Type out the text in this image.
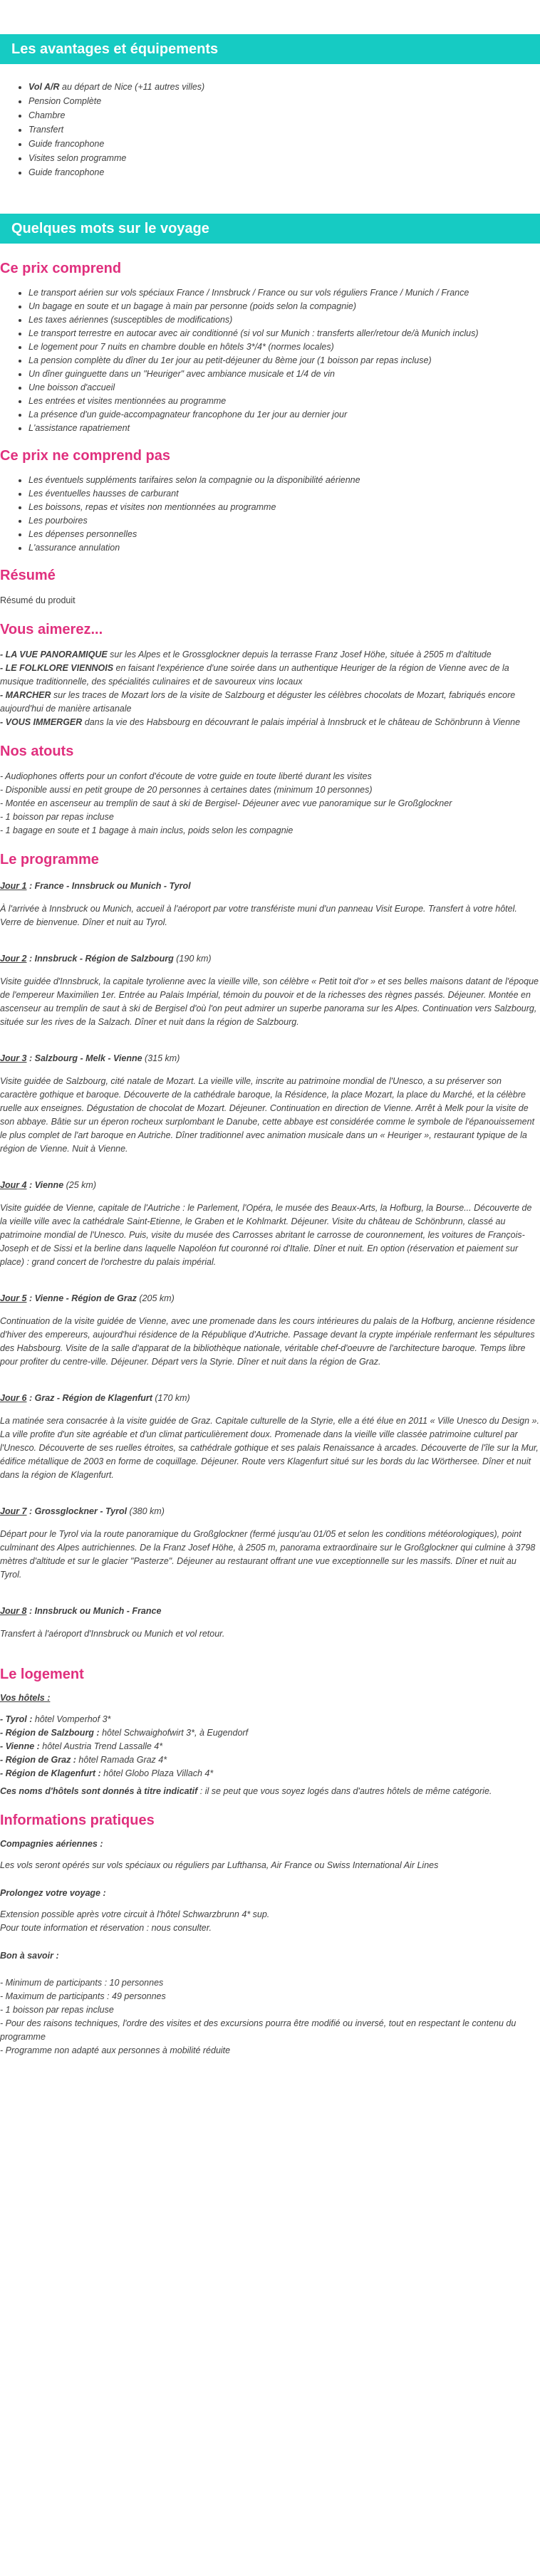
Les avantages et équipements
• Vol A/R au départ de Nice (+11 autres villes)
• Pension Complète
• Chambre
• Transfert
• Guide francophone
• Visites selon programme
• Guide francophone
Quelques mots sur le voyage
Ce prix comprend
• Le transport aérien sur vols spéciaux France / Innsbruck / France ou sur vols réguliers France / Munich / France
• Un bagage en soute et un bagage à main par personne (poids selon la compagnie)
• Les taxes aériennes (susceptibles de modifications)
• Le transport terrestre en autocar avec air conditionné (si vol sur Munich : transferts aller/retour de/à Munich inclus)
• Le logement pour 7 nuits en chambre double en hôtels 3*/4* (normes locales)
• La pension complète du dîner du 1er jour au petit-déjeuner du 8ème jour (1 boisson par repas incluse)
• Un dîner guinguette dans un "Heuriger" avec ambiance musicale et 1/4 de vin
• Une boisson d'accueil
• Les entrées et visites mentionnées au programme
• La présence d'un guide-accompagnateur francophone du 1er jour au dernier jour
• L'assistance rapatriement
Ce prix ne comprend pas
• Les éventuels suppléments tarifaires selon la compagnie ou la disponibilité aérienne
• Les éventuelles hausses de carburant
• Les boissons, repas et visites non mentionnées au programme
• Les pourboires
• Les dépenses personnelles
• L'assurance annulation
Résumé

Résumé du produit

Vous aimerez...
- LA VUE PANORAMIQUE sur les Alpes et le Grossglockner depuis la terrasse Franz Josef Höhe, située à 2505 m d'altitude
- LE FOLKLORE VIENNOIS en faisant l'expérience d'une soirée dans un authentique Heuriger de la région de Vienne avec de la musique traditionnelle, des spécialités culinaires et de savoureux vins locaux
- MARCHER sur les traces de Mozart lors de la visite de Salzbourg et déguster les célèbres chocolats de Mozart, fabriqués encore aujourd'hui de manière artisanale
- VOUS IMMERGER dans la vie des Habsbourg en découvrant le palais impérial à Innsbruck et le château de Schönbrunn à Vienne
Nos atouts
- Audiophones offerts pour un confort d'écoute de votre guide en toute liberté durant les visites
- Disponible aussi en petit groupe de 20 personnes à certaines dates (minimum 10 personnes)
- Montée en ascenseur au tremplin de saut à ski de Bergisel- Déjeuner avec vue panoramique sur le Großglockner
- 1 boisson par repas incluse
- 1 bagage en soute et 1 bagage à main inclus, poids selon les compagnie
Le programme
Jour 1 : France - Innsbruck ou Munich - Tyrol
À l'arrivée à Innsbruck ou Munich, accueil à l'aéroport par votre transfériste muni d'un panneau Visit Europe. Transfert à votre hôtel. Verre de bienvenue. Dîner et nuit au Tyrol.
Jour 2 : Innsbruck - Région de Salzbourg (190 km)
Visite guidée d'Innsbruck, la capitale tyrolienne avec la vieille ville, son célèbre « Petit toit d'or » et ses belles maisons datant de l'époque de l'empereur Maximilien 1er. Entrée au Palais Impérial, témoin du pouvoir et de la richesses des règnes passés. Déjeuner. Montée en ascenseur au tremplin de saut à ski de Bergisel d'où l'on peut admirer un superbe panorama sur les Alpes. Continuation vers Salzbourg, située sur les rives de la Salzach. Dîner et nuit dans la région de Salzbourg.
Jour 3 : Salzbourg - Melk - Vienne (315 km)
Visite guidée de Salzbourg, cité natale de Mozart. La vieille ville, inscrite au patrimoine mondial de l'Unesco, a su préserver son caractère gothique et baroque. Découverte de la cathédrale baroque, la Résidence, la place Mozart, la place du Marché, et la célèbre ruelle aux enseignes. Dégustation de chocolat de Mozart. Déjeuner. Continuation en direction de Vienne. Arrêt à Melk pour la visite de son abbaye. Bâtie sur un éperon rocheux surplombant le Danube, cette abbaye est considérée comme le symbole de l'épanouissement le plus complet de l'art baroque en Autriche. Dîner traditionnel avec animation musicale dans un « Heuriger », restaurant typique de la région de Vienne. Nuit à Vienne.
Jour 4 : Vienne (25 km)
Visite guidée de Vienne, capitale de l'Autriche : le Parlement, l'Opéra, le musée des Beaux-Arts, la Hofburg, la Bourse... Découverte de la vieille ville avec la cathédrale Saint-Etienne, le Graben et le Kohlmarkt. Déjeuner. Visite du château de Schönbrunn, classé au patrimoine mondial de l'Unesco. Puis, visite du musée des Carrosses abritant le carrosse de couronnement, les voitures de François-Joseph et de Sissi et la berline dans laquelle Napoléon fut couronné roi d'Italie. Dîner et nuit. En option (réservation et paiement sur place) : grand concert de l'orchestre du palais impérial.
Jour 5 : Vienne - Région de Graz (205 km)
Continuation de la visite guidée de Vienne, avec une promenade dans les cours intérieures du palais de la Hofburg, ancienne résidence d'hiver des empereurs, aujourd'hui résidence de la République d'Autriche. Passage devant la crypte impériale renfermant les sépultures des Habsbourg. Visite de la salle d'apparat de la bibliothèque nationale, véritable chef-d'oeuvre de l'architecture baroque. Temps libre pour profiter du centre-ville. Déjeuner. Départ vers la Styrie. Dîner et nuit dans la région de Graz.
Jour 6 : Graz - Région de Klagenfurt (170 km)
La matinée sera consacrée à la visite guidée de Graz. Capitale culturelle de la Styrie, elle a été élue en 2011 « Ville Unesco du Design ». La ville profite d'un site agréable et d'un climat particulièrement doux. Promenade dans la vieille ville classée patrimoine culturel par l'Unesco. Découverte de ses ruelles étroites, sa cathédrale gothique et ses palais Renaissance à arcades. Découverte de l'île sur la Mur, édifice métallique de 2003 en forme de coquillage. Déjeuner. Route vers Klagenfurt situé sur les bords du lac Wörthersee. Dîner et nuit dans la région de Klagenfurt.
Jour 7 : Grossglockner - Tyrol (380 km)
Départ pour le Tyrol via la route panoramique du Großglockner (fermé jusqu'au 01/05 et selon les conditions météorologiques), point culminant des Alpes autrichiennes. De la Franz Josef Höhe, à 2505 m, panorama extraordinaire sur le Großglockner qui culmine à 3798 mètres d'altitude et sur le glacier "Pasterze". Déjeuner au restaurant offrant une vue exceptionnelle sur les massifs. Dîner et nuit au Tyrol.
Jour 8 : Innsbruck ou Munich - France
Transfert à l'aéroport d'Innsbruck ou Munich et vol retour.
Le logement
Vos hôtels :
- Tyrol : hôtel Vomperhof 3*
- Région de Salzbourg : hôtel Schwaighofwirt 3*, à Eugendorf
- Vienne : hôtel Austria Trend Lassalle 4*
- Région de Graz : hôtel Ramada Graz 4*
- Région de Klagenfurt : hôtel Globo Plaza Villach 4*
Ces noms d'hôtels sont donnés à titre indicatif : il se peut que vous soyez logés dans d'autres hôtels de même catégorie.
Informations pratiques
Compagnies aériennes :
Les vols seront opérés sur vols spéciaux ou réguliers par Lufthansa, Air France ou Swiss International Air Lines
Prolongez votre voyage :
Extension possible après votre circuit à l'hôtel Schwarzbrunn 4* sup.
Pour toute information et réservation : nous consulter.
Bon à savoir :
- Minimum de participants : 10 personnes
- Maximum de participants : 49 personnes
- 1 boisson par repas incluse
- Pour des raisons techniques, l'ordre des visites et des excursions pourra être modifié ou inversé, tout en respectant le contenu du programme
- Programme non adapté aux personnes à mobilité réduite
